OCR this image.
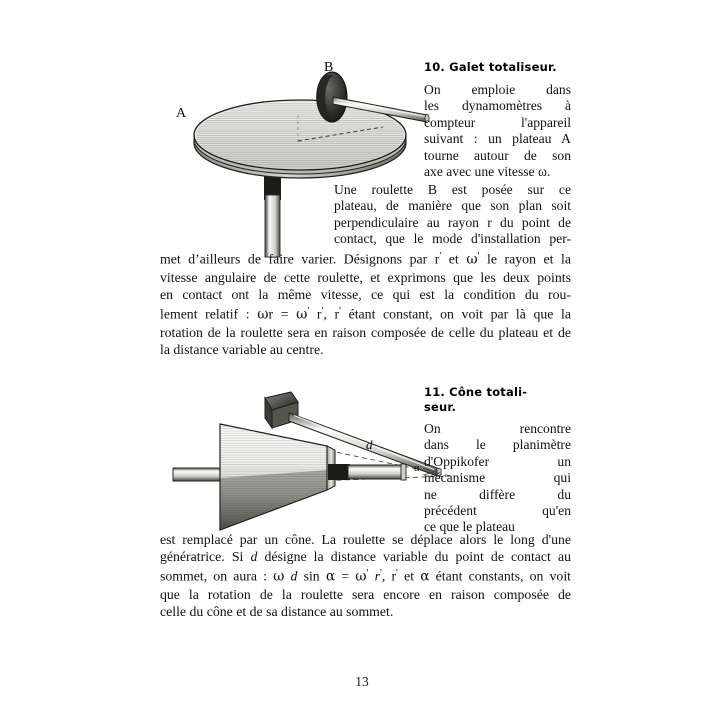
A
B	10. Galet totaliseur.

On emploie dans
les dynamomètres à
compteur l'appareil
suivant : un plateau A
tourne autour de son
axe avec une vitesse ω.

Une roulette B est posée sur ce
plateau, de manière que son plan soit
perpendiculaire au rayon r du point de
contact, que le mode d'installation per-

met d’ailleurs de faire varier. Désignons par r' et ω' le rayon et la
vitesse angulaire de cette roulette, et exprimons que les deux points
en contact ont la même vitesse, ce qui est la condition du rou-
lement relatif : ωr = ω' r', r' étant constant, on voit par là que la
rotation de la roulette sera en raison composée de celle du plateau et de
la distance variable au centre.
d
α
11. Cône totali-
seur.

On rencontre
dans le planimètre
d'Oppikofer un
mécanisme qui
ne diffère du
précédent qu'en
ce que le plateau

est remplacé par un cône. La roulette se déplace alors le long d'une
génératrice. Si d désigne la distance variable du point de contact au
sommet, on aura : ω d sin α = ω' r', r' et α étant constants, on voit
que la rotation de la roulette sera encore en raison composée de
celle du cône et de sa distance au sommet.
13
